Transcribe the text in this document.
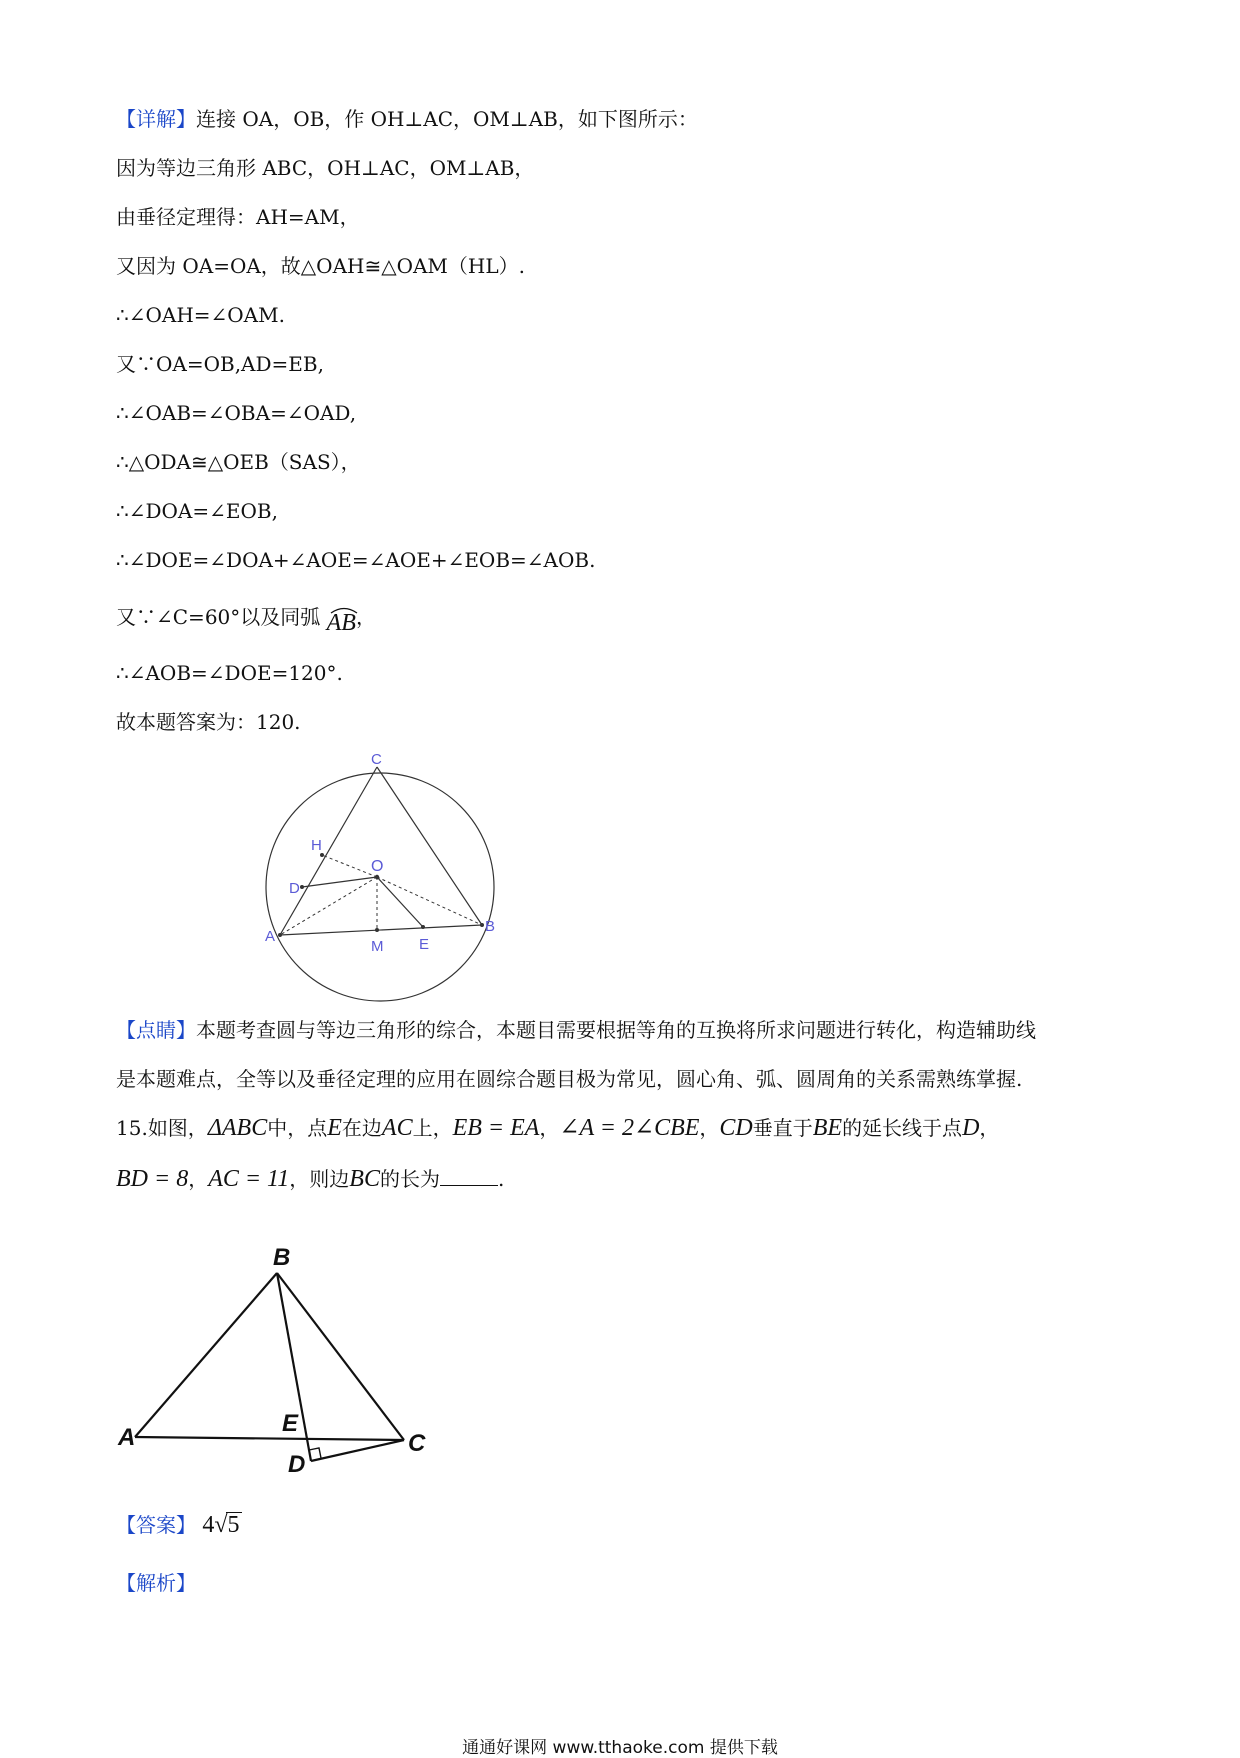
【详解】连接 OA，OB，作 OH⊥AC，OM⊥AB，如下图所示：
因为等边三角形 ABC，OH⊥AC，OM⊥AB，
由垂径定理得：AH=AM，
又因为 OA=OA，故△OAH≅△OAM（HL）.
∴∠OAH=∠OAM.
又∵OA=OB,AD=EB,
∴∠OAB=∠OBA=∠OAD,
∴△ODA≅△OEB（SAS），
∴∠DOA=∠EOB,
∴∠DOE=∠DOA+∠AOE=∠AOE+∠EOB=∠AOB.
又∵∠C=60°以及同弧 AB，
∴∠AOB=∠DOE=120°.
故本题答案为：120.
C
H
O
D
A
B
M E
【点睛】本题考查圆与等边三角形的综合，本题目需要根据等角的互换将所求问题进行转化，构造辅助线
是本题难点，全等以及垂径定理的应用在圆综合题目极为常见，圆心角、弧、圆周角的关系需熟练掌握.
15.如图，ΔABC中，点E在边AC上，EB = EA，∠A = 2∠CBE，CD垂直于BE的延长线于点D，
BD = 8，AC = 11，则边BC的长为	.
B
A
E
C
D
【答案】 4√5
【解析】
通通好课网 www.tthaoke.com 提供下载
